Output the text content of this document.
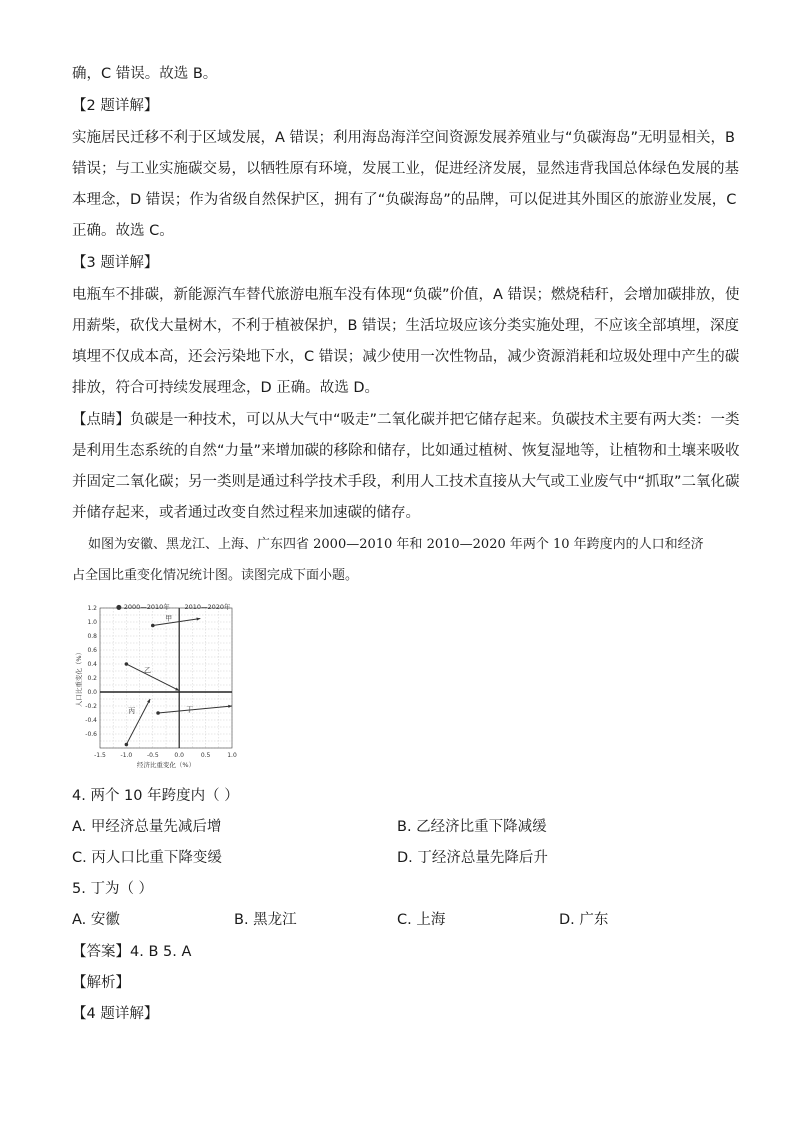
确，C 错误。故选 B。
【2 题详解】
实施居民迁移不利于区域发展，A 错误；利用海岛海洋空间资源发展养殖业与“负碳海岛”无明显相关，B
错误；与工业实施碳交易，以牺牲原有环境，发展工业，促进经济发展，显然违背我国总体绿色发展的基
本理念，D 错误；作为省级自然保护区，拥有了“负碳海岛”的品牌，可以促进其外围区的旅游业发展，C
正确。故选 C。
【3 题详解】
电瓶车不排碳，新能源汽车替代旅游电瓶车没有体现“负碳”价值，A 错误；燃烧秸秆，会增加碳排放，使
用薪柴，砍伐大量树木，不利于植被保护，B 错误；生活垃圾应该分类实施处理，不应该全部填埋，深度
填埋不仅成本高，还会污染地下水，C 错误；减少使用一次性物品，减少资源消耗和垃圾处理中产生的碳
排放，符合可持续发展理念，D 正确。故选 D。
【点睛】负碳是一种技术，可以从大气中“吸走”二氧化碳并把它储存起来。负碳技术主要有两大类：一类
是利用生态系统的自然“力量”来增加碳的移除和储存，比如通过植树、恢复湿地等，让植物和土壤来吸收
并固定二氧化碳；另一类则是通过科学技术手段，利用人工技术直接从大气或工业废气中“抓取”二氧化碳
并储存起来，或者通过改变自然过程来加速碳的储存。
如图为安徽、黑龙江、上海、广东四省 2000—2010 年和 2010—2020 年两个 10 年跨度内的人口和经济
占全国比重变化情况统计图。读图完成下面小题。
-1.5 -1.0 -0.5	0.0	0.5	1.0
1.2
1.0
0.8
0.6
0.4
0.2
0.0
-0.2
-0.4
-0.6
经济比重变化（%）
人口比重变化（%）
● 2000—2010年 2010—2020年
甲
乙
丙	丁
4. 两个 10 年跨度内（ ）
A. 甲经济总量先减后增	B. 乙经济比重下降减缓
C. 丙人口比重下降变缓	D. 丁经济总量先降后升
5. 丁为（ ）
A. 安徽	B. 黑龙江	C. 上海	D. 广东
【答案】4. B 5. A
【解析】
【4 题详解】
